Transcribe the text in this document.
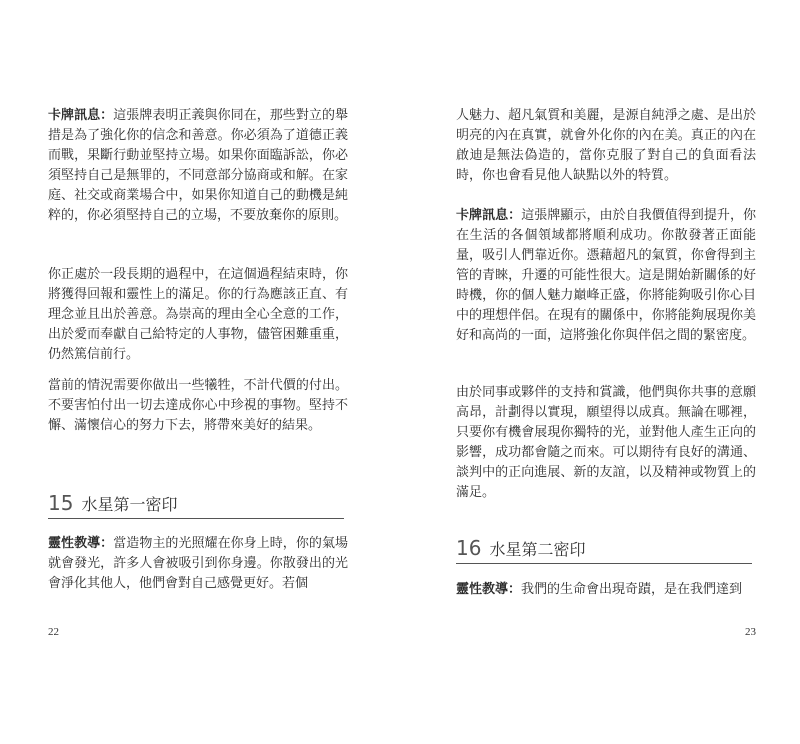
卡牌訊息：這張牌表明正義與你同在，那些對立的舉措是為了強化你的信念和善意。你必須為了道德正義而戰，果斷行動並堅持立場。如果你面臨訴訟，你必須堅持自己是無罪的，不同意部分協商或和解。在家庭、社交或商業場合中，如果你知道自己的動機是純粹的，你必須堅持自己的立場，不要放棄你的原則。

你正處於一段長期的過程中，在這個過程結束時，你將獲得回報和靈性上的滿足。你的行為應該正直、有理念並且出於善意。為崇高的理由全心全意的工作，出於愛而奉獻自己給特定的人事物，儘管困難重重，仍然篤信前行。

當前的情況需要你做出一些犧牲，不計代價的付出。不要害怕付出一切去達成你心中珍視的事物。堅持不懈、滿懷信心的努力下去，將帶來美好的結果。

15 水星第一密印

靈性教導：當造物主的光照耀在你身上時，你的氣場就會發光，許多人會被吸引到你身邊。你散發出的光會淨化其他人，他們會對自己感覺更好。若個

22

人魅力、超凡氣質和美麗，是源自純淨之處、是出於明亮的內在真實，就會外化你的內在美。真正的內在啟迪是無法偽造的，當你克服了對自己的負面看法時，你也會看見他人缺點以外的特質。

卡牌訊息：這張牌顯示，由於自我價值得到提升，你在生活的各個領域都將順利成功。你散發著正面能量，吸引人們靠近你。憑藉超凡的氣質，你會得到主管的青睞，升遷的可能性很大。這是開始新關係的好時機，你的個人魅力巔峰正盛，你將能夠吸引你心目中的理想伴侶。在現有的關係中，你將能夠展現你美好和高尚的一面，這將強化你與伴侶之間的緊密度。

由於同事或夥伴的支持和賞識，他們與你共事的意願高昂，計劃得以實現，願望得以成真。無論在哪裡，只要你有機會展現你獨特的光，並對他人產生正向的影響，成功都會隨之而來。可以期待有良好的溝通、談判中的正向進展、新的友誼，以及精神或物質上的滿足。

16 水星第二密印

靈性教導：我們的生命會出現奇蹟，是在我們達到

23
